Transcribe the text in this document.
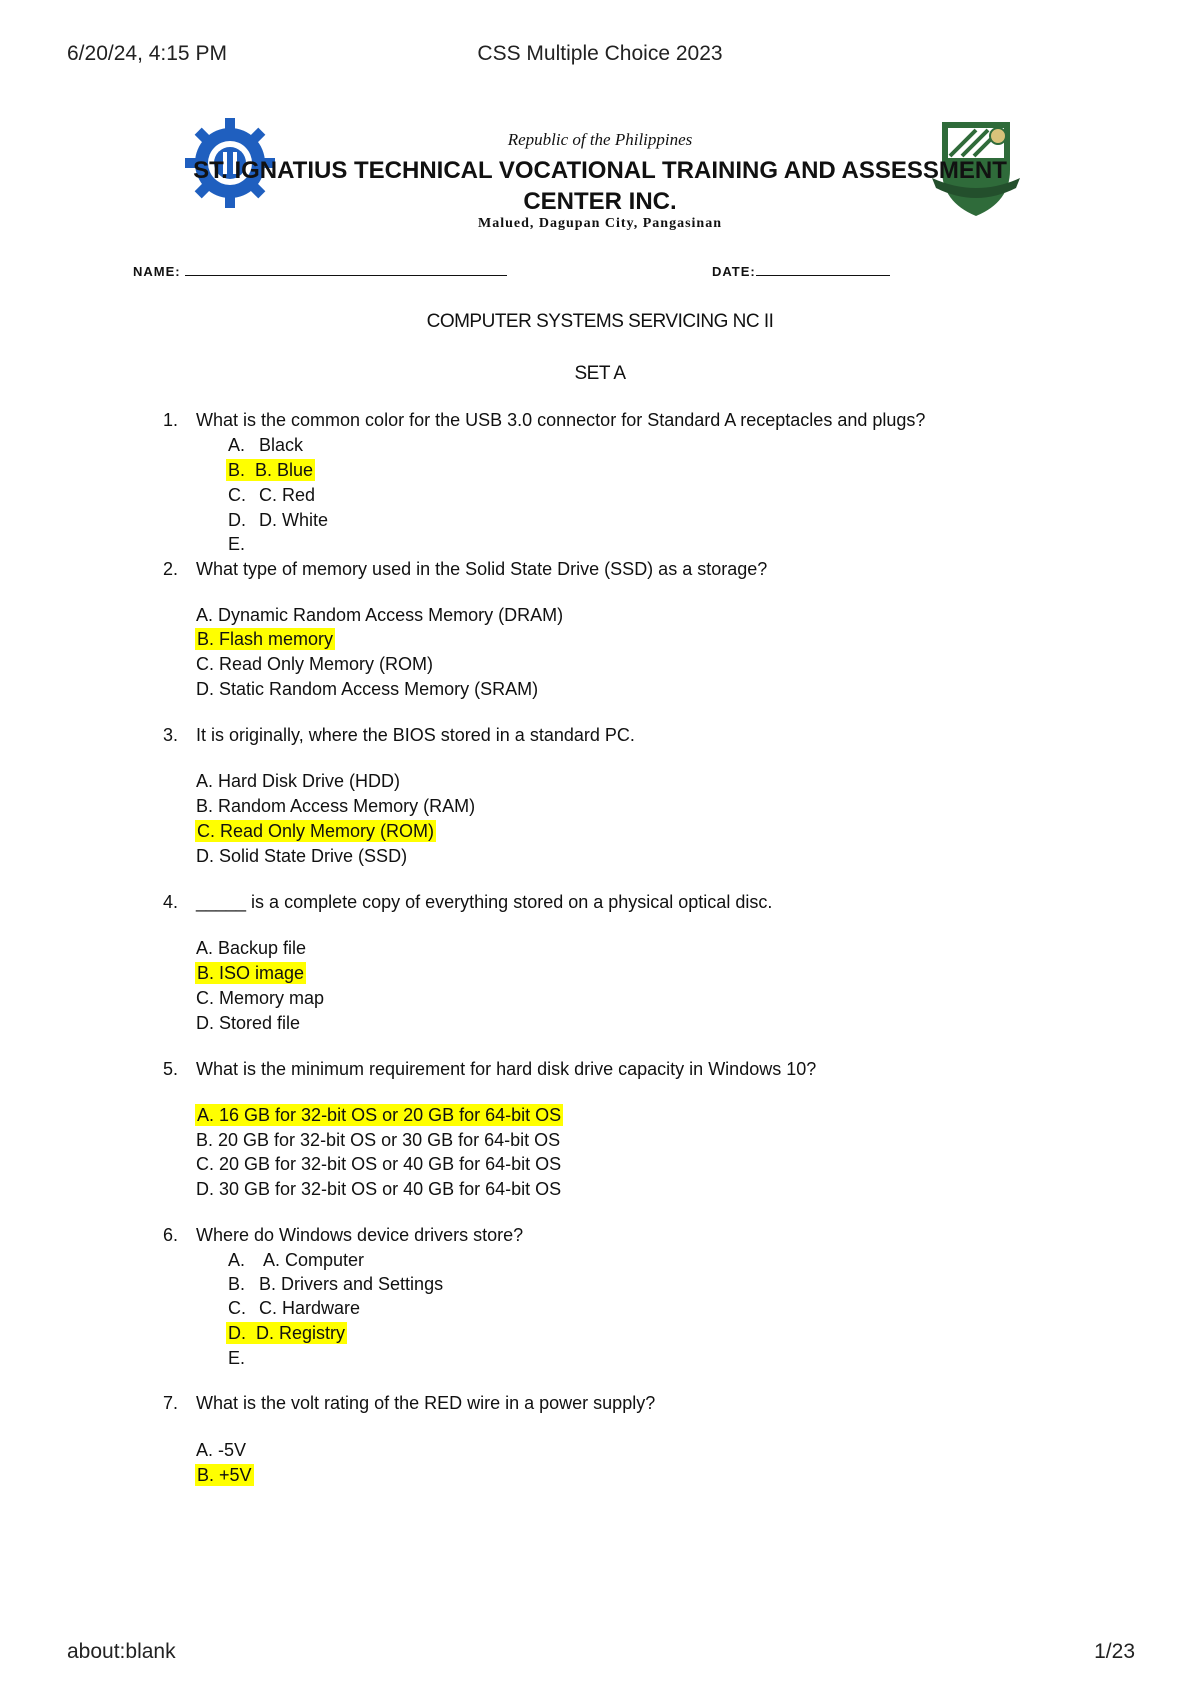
6/20/24, 4:15 PM	CSS Multiple Choice 2023
Republic of the Philippines
ST. IGNATIUS TECHNICAL VOCATIONAL TRAINING AND ASSESSMENT
CENTER INC.
Malued, Dagupan City, Pangasinan
NAME:	DATE:
COMPUTER SYSTEMS SERVICING NC II
SET A
1. What is the common color for the USB 3.0 connector for Standard A receptacles and plugs?
A. Black
B. B. Blue
C. C. Red
D. D. White
E.
2. What type of memory used in the Solid State Drive (SSD) as a storage?
A. Dynamic Random Access Memory (DRAM)
B. Flash memory
C. Read Only Memory (ROM)
D. Static Random Access Memory (SRAM)
3. It is originally, where the BIOS stored in a standard PC.
A. Hard Disk Drive (HDD)
B. Random Access Memory (RAM)
C. Read Only Memory (ROM)
D. Solid State Drive (SSD)
4. _____ is a complete copy of everything stored on a physical optical disc.
A. Backup file
B. ISO image
C. Memory map
D. Stored file
5. What is the minimum requirement for hard disk drive capacity in Windows 10?
A. 16 GB for 32-bit OS or 20 GB for 64-bit OS
B. 20 GB for 32-bit OS or 30 GB for 64-bit OS
C. 20 GB for 32-bit OS or 40 GB for 64-bit OS
D. 30 GB for 32-bit OS or 40 GB for 64-bit OS
6. Where do Windows device drivers store?
A. A. Computer
B. B. Drivers and Settings
C. C. Hardware
D. D. Registry
E.
7. What is the volt rating of the RED wire in a power supply?
A. -5V
B. +5V
about:blank	1/23
